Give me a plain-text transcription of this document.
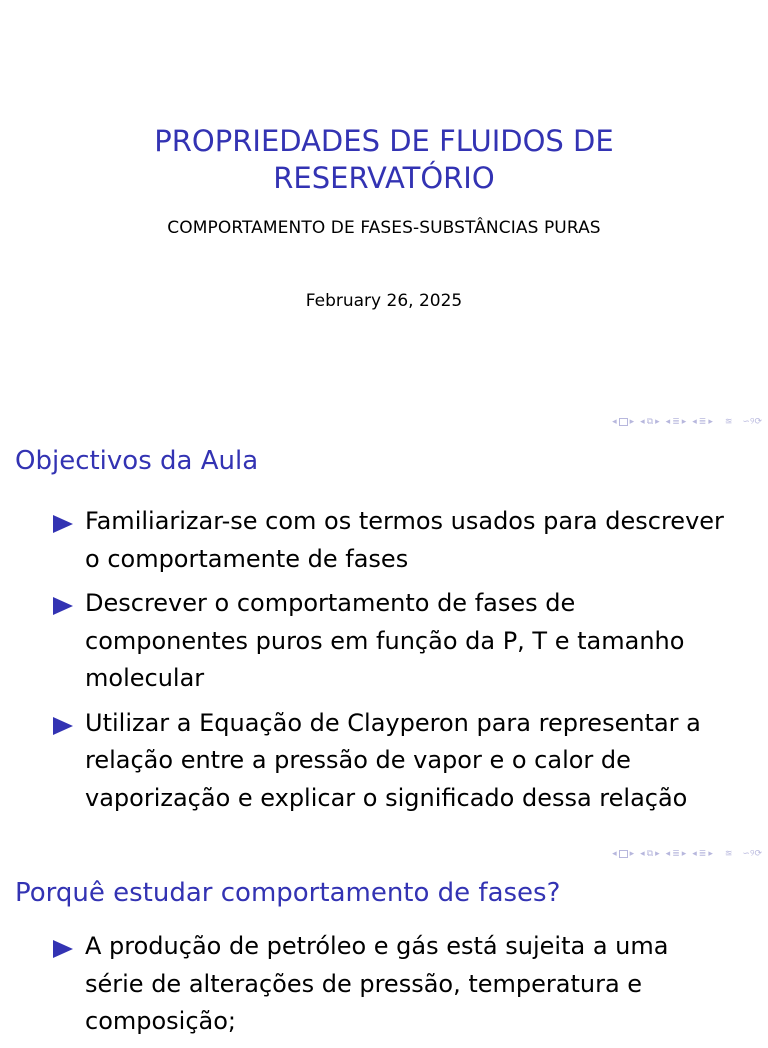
PROPRIEDADES DE FLUIDOS DE
RESERVATÓRIO
COMPORTAMENTO DE FASES-SUBSTÂNCIAS PURAS
February 26, 2025
◂ ▸ ◂ ⧉ ▸ ◂ ≣ ▸ ◂ ≣ ▸ ≊ ∽୨⟳
Objectivos da Aula
Familiarizar-se com os termos usados para descrever o comportamente de fases
Descrever o comportamento de fases de componentes puros em função da P, T e tamanho molecular
Utilizar a Equação de Clayperon para representar a relação entre a pressão de vapor e o calor de vaporização e explicar o significado dessa relação
◂ ▸ ◂ ⧉ ▸ ◂ ≣ ▸ ◂ ≣ ▸ ≊ ∽୨⟳
Porquê estudar comportamento de fases?
A produção de petróleo e gás está sujeita a uma série de alterações de pressão, temperatura e composição;
